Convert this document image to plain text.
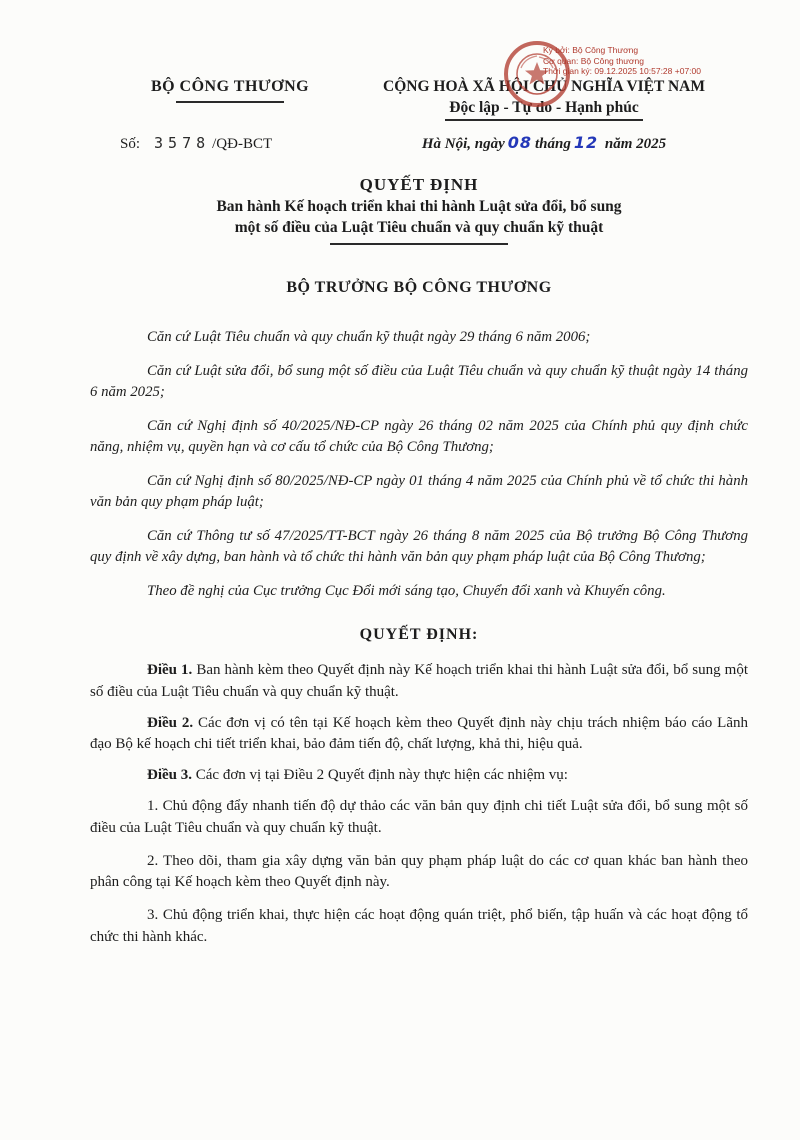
Ký bởi: Bộ Công Thương
Cơ quan: Bộ Công thương
Thời gian ký: 09.12.2025 10:57:28 +07:00
BỘ CÔNG THƯƠNG	CỘNG HOÀ XÃ HỘI CHỦ NGHĨA VIỆT NAM
Độc lập - Tự do - Hạnh phúc
Số: 3578 /QĐ-BCT	Hà Nội, ngày 08 tháng 12 năm 2025
QUYẾT ĐỊNH
Ban hành Kế hoạch triển khai thi hành Luật sửa đổi, bổ sung
một số điều của Luật Tiêu chuẩn và quy chuẩn kỹ thuật
BỘ TRƯỞNG BỘ CÔNG THƯƠNG

Căn cứ Luật Tiêu chuẩn và quy chuẩn kỹ thuật ngày 29 tháng 6 năm 2006;

Căn cứ Luật sửa đổi, bổ sung một số điều của Luật Tiêu chuẩn và quy chuẩn kỹ thuật ngày 14 tháng 6 năm 2025;

Căn cứ Nghị định số 40/2025/NĐ-CP ngày 26 tháng 02 năm 2025 của Chính phủ quy định chức năng, nhiệm vụ, quyền hạn và cơ cấu tổ chức của Bộ Công Thương;

Căn cứ Nghị định số 80/2025/NĐ-CP ngày 01 tháng 4 năm 2025 của Chính phủ về tổ chức thi hành văn bản quy phạm pháp luật;

Căn cứ Thông tư số 47/2025/TT-BCT ngày 26 tháng 8 năm 2025 của Bộ trưởng Bộ Công Thương quy định về xây dựng, ban hành và tổ chức thi hành văn bản quy phạm pháp luật của Bộ Công Thương;

Theo đề nghị của Cục trưởng Cục Đổi mới sáng tạo, Chuyển đổi xanh và Khuyến công.

QUYẾT ĐỊNH:

Điều 1. Ban hành kèm theo Quyết định này Kế hoạch triển khai thi hành Luật sửa đổi, bổ sung một số điều của Luật Tiêu chuẩn và quy chuẩn kỹ thuật.

Điều 2. Các đơn vị có tên tại Kế hoạch kèm theo Quyết định này chịu trách nhiệm báo cáo Lãnh đạo Bộ kế hoạch chi tiết triển khai, bảo đảm tiến độ, chất lượng, khả thi, hiệu quả.

Điều 3. Các đơn vị tại Điều 2 Quyết định này thực hiện các nhiệm vụ:

1. Chủ động đẩy nhanh tiến độ dự thảo các văn bản quy định chi tiết Luật sửa đổi, bổ sung một số điều của Luật Tiêu chuẩn và quy chuẩn kỹ thuật.

2. Theo dõi, tham gia xây dựng văn bản quy phạm pháp luật do các cơ quan khác ban hành theo phân công tại Kế hoạch kèm theo Quyết định này.

3. Chủ động triển khai, thực hiện các hoạt động quán triệt, phổ biến, tập huấn và các hoạt động tổ chức thi hành khác.
